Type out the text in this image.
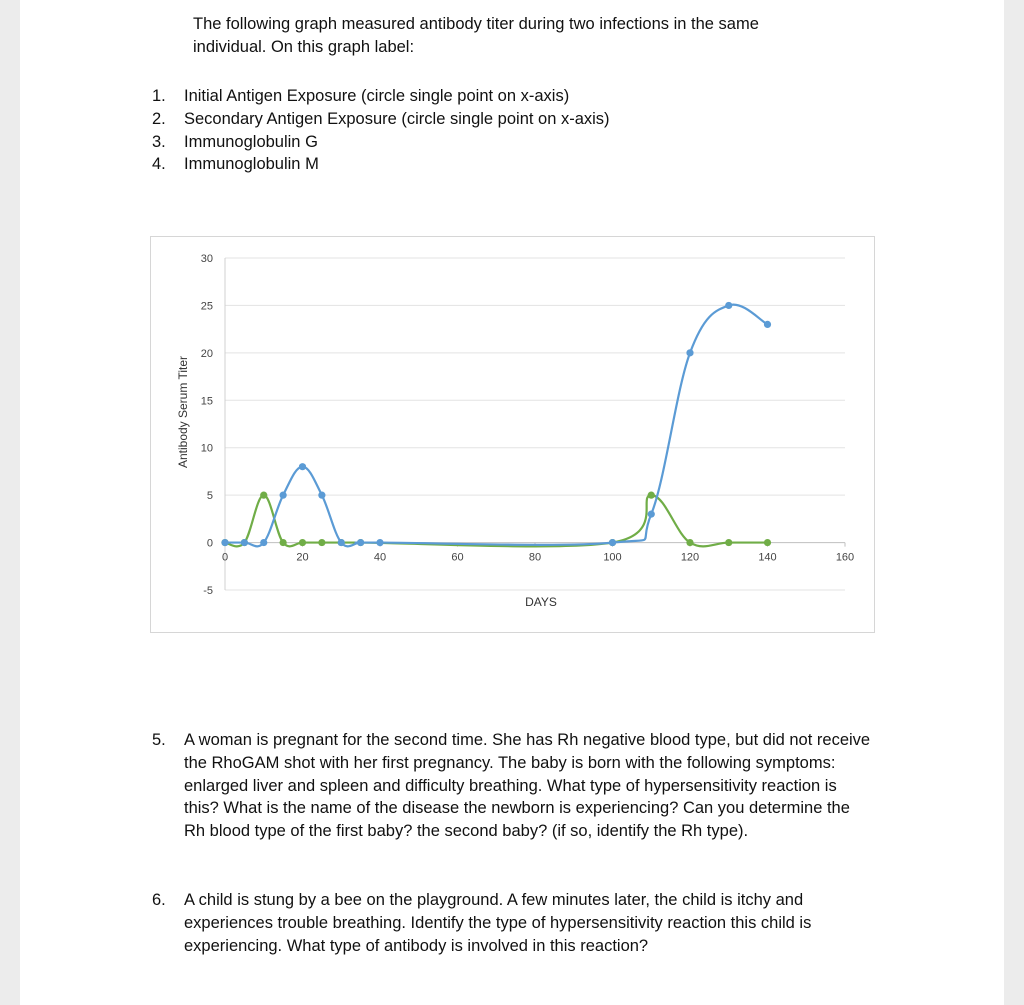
The following graph measured antibody titer during two infections in the same individual. On this graph label:
1.	Initial Antigen Exposure (circle single point on x-axis)
2.	Secondary Antigen Exposure (circle single point on x-axis)
3.	Immunoglobulin G
4.	Immunoglobulin M
-5
0
5
10
15
20
25
30
0	20	40	60	80	100	120	140	160
DAYS
Antibody Serum Titer
5.	A woman is pregnant for the second time. She has Rh negative blood type, but did not receive the RhoGAM shot with her first pregnancy. The baby is born with the following symptoms: enlarged liver and spleen and difficulty breathing. What type of hypersensitivity reaction is this? What is the name of the disease the newborn is experiencing? Can you determine the Rh blood type of the first baby? the second baby? (if so, identify the Rh type).
6.	A child is stung by a bee on the playground. A few minutes later, the child is itchy and experiences trouble breathing. Identify the type of hypersensitivity reaction this child is experiencing. What type of antibody is involved in this reaction?
